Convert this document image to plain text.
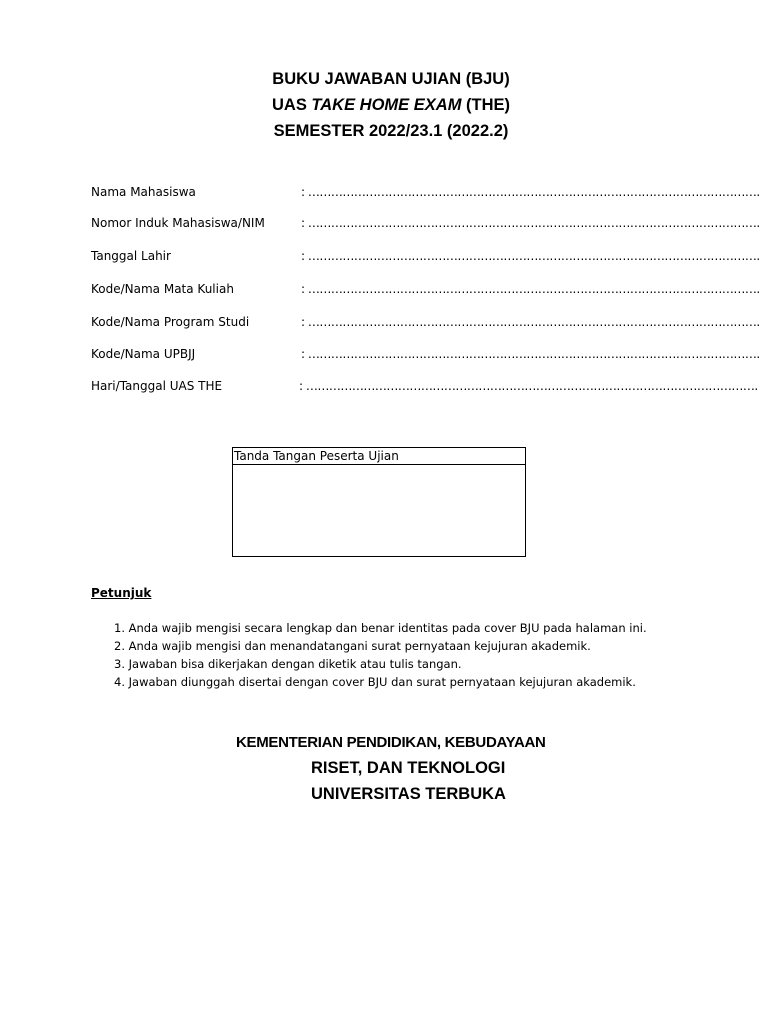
BUKU JAWABAN UJIAN (BJU)
UAS TAKE HOME EXAM (THE)
SEMESTER 2022/23.1 (2022.2)
Nama Mahasiswa	: ……………………………………………………………………………………………………….
Nomor Induk Mahasiswa/NIM	: ……………………………………………………………………………………………………….
Tanggal Lahir	: ……………………………………………………………………………………………………….
Kode/Nama Mata Kuliah	: ……………………………………………………………………………………………………….
Kode/Nama Program Studi	: ……………………………………………………………………………………………………….
Kode/Nama UPBJJ	: ……………………………………………………………………………………………………….
Hari/Tanggal UAS THE	: ……………………………………………………………………………………………………….
Tanda Tangan Peserta Ujian
Petunjuk
1. Anda wajib mengisi secara lengkap dan benar identitas pada cover BJU pada halaman ini.
2. Anda wajib mengisi dan menandatangani surat pernyataan kejujuran akademik.
3. Jawaban bisa dikerjakan dengan diketik atau tulis tangan.
4. Jawaban diunggah disertai dengan cover BJU dan surat pernyataan kejujuran akademik.
KEMENTERIAN PENDIDIKAN, KEBUDAYAAN
RISET, DAN TEKNOLOGI
UNIVERSITAS TERBUKA
